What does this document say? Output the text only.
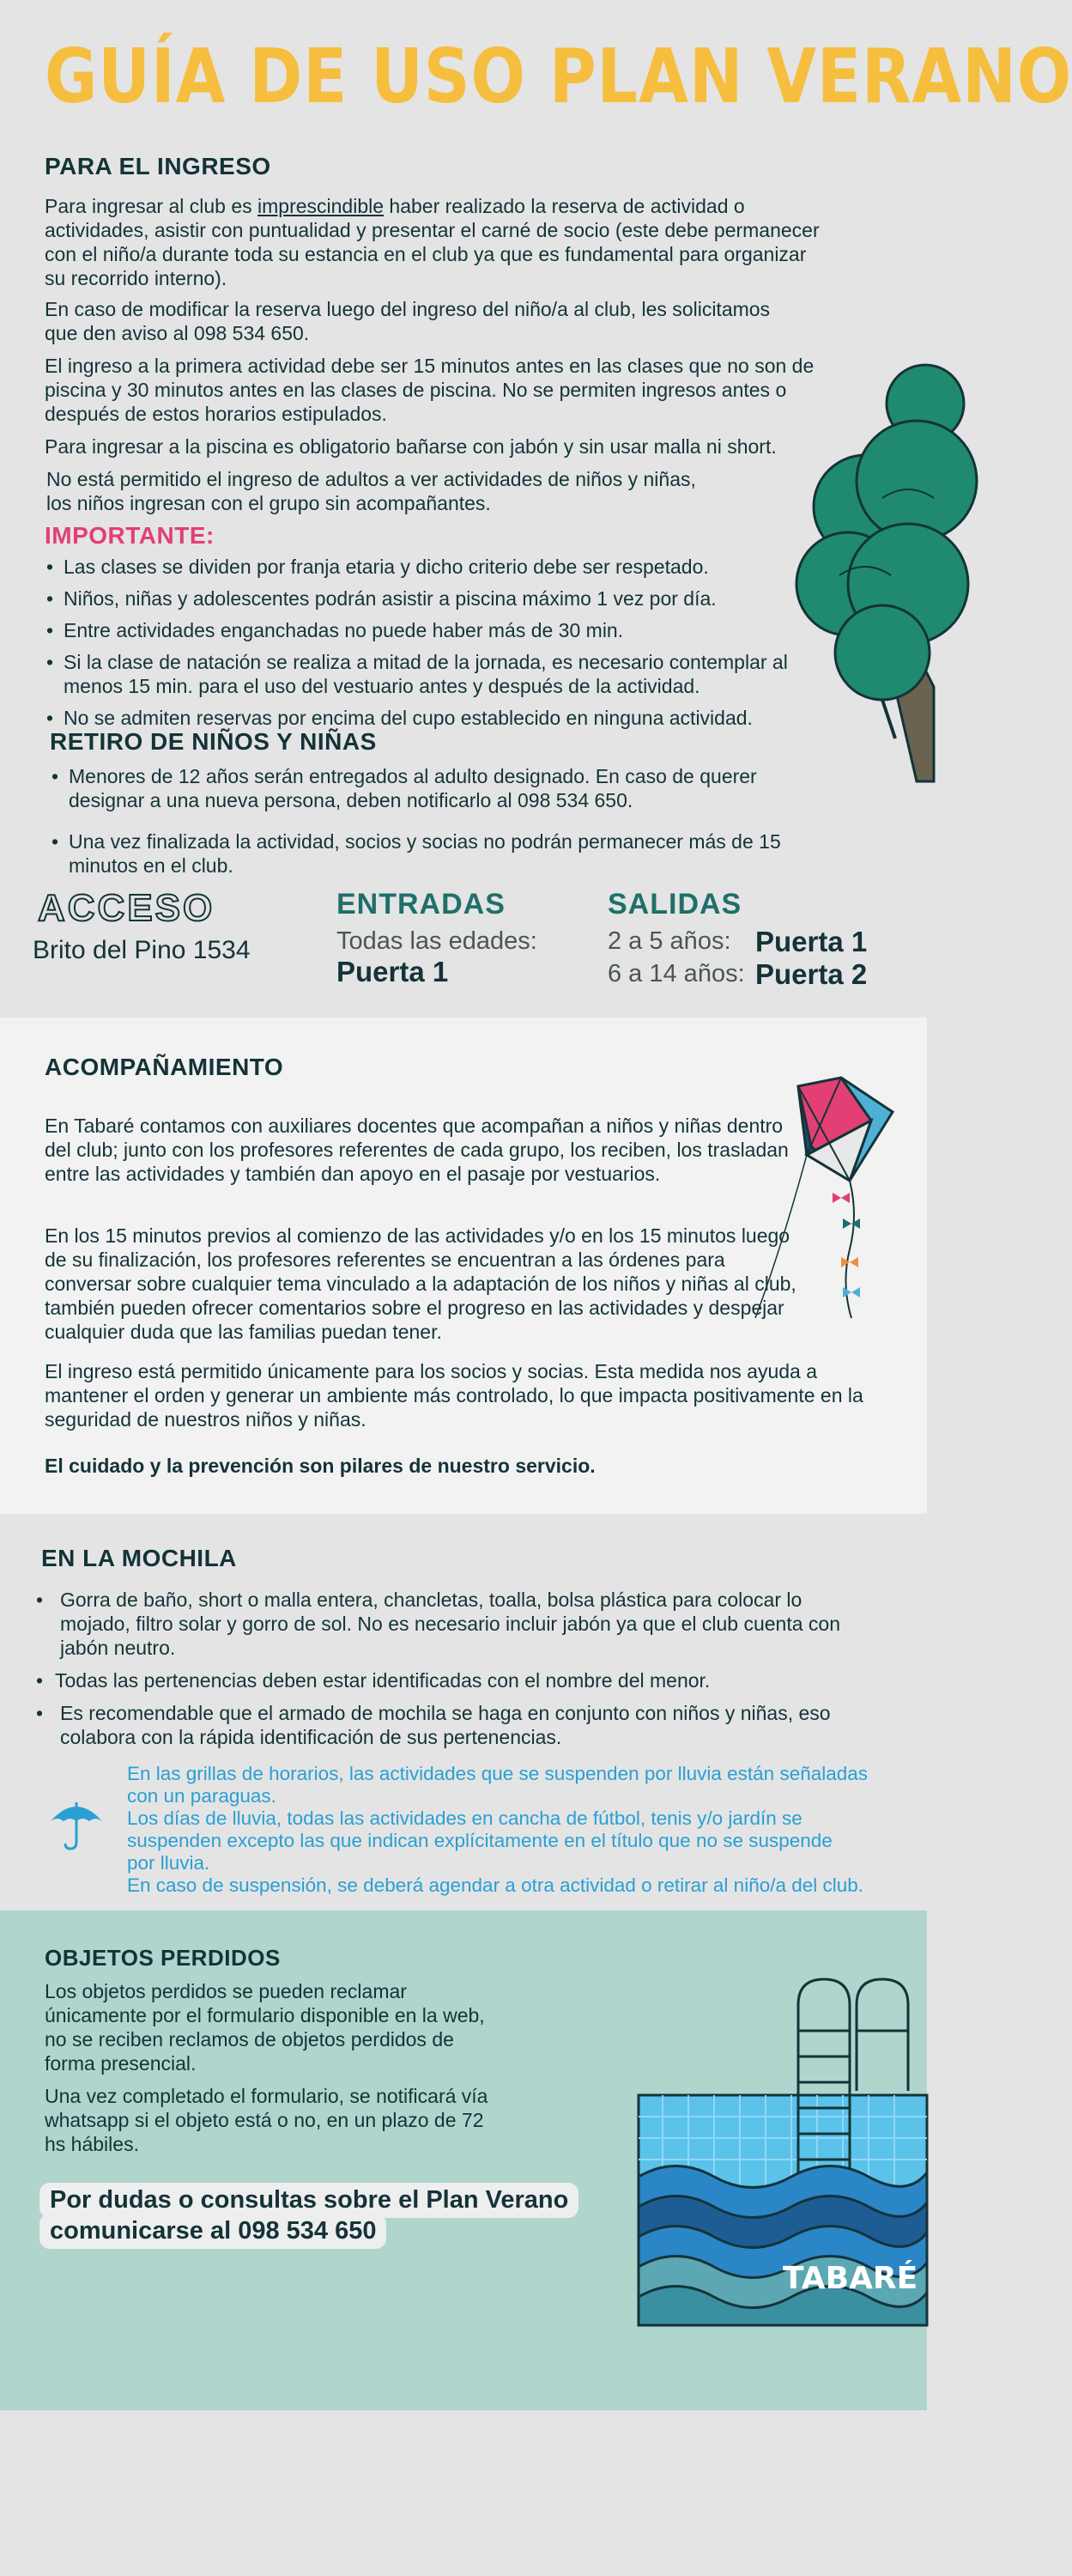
GUÍA DE USO PLAN VERANO
PARA EL INGRESO
Para ingresar al club es imprescindible haber realizado la reserva de actividad o
actividades, asistir con puntualidad y presentar el carné de socio (este debe permanecer
con el niño/a durante toda su estancia en el club ya que es fundamental para organizar
su recorrido interno).
En caso de modificar la reserva luego del ingreso del niño/a al club, les solicitamos
que den aviso al 098 534 650.
El ingreso a la primera actividad debe ser 15 minutos antes en las clases que no son de
piscina y 30 minutos antes en las clases de piscina. No se permiten ingresos antes o
después de estos horarios estipulados.
Para ingresar a la piscina es obligatorio bañarse con jabón y sin usar malla ni short.
No está permitido el ingreso de adultos a ver actividades de niños y niñas,
los niños ingresan con el grupo sin acompañantes.
IMPORTANTE:
• Las clases se dividen por franja etaria y dicho criterio debe ser respetado.
• Niños, niñas y adolescentes podrán asistir a piscina máximo 1 vez por día.
• Entre actividades enganchadas no puede haber más de 30 min.
• Si la clase de natación se realiza a mitad de la jornada, es necesario contemplar al menos 15 min. para el uso del vestuario antes y después de la actividad.
• No se admiten reservas por encima del cupo establecido en ninguna actividad.
RETIRO DE NIÑOS Y NIÑAS
• Menores de 12 años serán entregados al adulto designado. En caso de querer designar a una nueva persona, deben notificarlo al 098 534 650.
• Una vez finalizada la actividad, socios y socias no podrán permanecer más de 15 minutos en el club.
ACCESO
Brito del Pino 1534
ENTRADAS
Todas las edades:
Puerta 1
SALIDAS
2 a 5 años: Puerta 1
6 a 14 años: Puerta 2
ACOMPAÑAMIENTO
En Tabaré contamos con auxiliares docentes que acompañan a niños y niñas dentro del club; junto con los profesores referentes de cada grupo, los reciben, los trasladan entre las actividades y también dan apoyo en el pasaje por vestuarios.
En los 15 minutos previos al comienzo de las actividades y/o en los 15 minutos luego de su finalización, los profesores referentes se encuentran a las órdenes para conversar sobre cualquier tema vinculado a la adaptación de los niños y niñas al club, también pueden ofrecer comentarios sobre el progreso en las actividades y despejar cualquier duda que las familias puedan tener.
El ingreso está permitido únicamente para los socios y socias. Esta medida nos ayuda a mantener el orden y generar un ambiente más controlado, lo que impacta positivamente en la seguridad de nuestros niños y niñas.
El cuidado y la prevención son pilares de nuestro servicio.
EN LA MOCHILA
• Gorra de baño, short o malla entera, chancletas, toalla, bolsa plástica para colocar lo mojado, filtro solar y gorro de sol. No es necesario incluir jabón ya que el club cuenta con jabón neutro.
• Todas las pertenencias deben estar identificadas con el nombre del menor.
• Es recomendable que el armado de mochila se haga en conjunto con niños y niñas, eso colabora con la rápida identificación de sus pertenencias.
En las grillas de horarios, las actividades que se suspenden por lluvia están señaladas
con un paraguas.
Los días de lluvia, todas las actividades en cancha de fútbol, tenis y/o jardín se
suspenden excepto las que indican explícitamente en el título que no se suspende
por lluvia.
En caso de suspensión, se deberá agendar a otra actividad o retirar al niño/a del club.
OBJETOS PERDIDOS
Los objetos perdidos se pueden reclamar únicamente por el formulario disponible en la web, no se reciben reclamos de objetos perdidos de forma presencial.
Una vez completado el formulario, se notificará vía whatsapp si el objeto está o no, en un plazo de 72 hs hábiles.
Por dudas o consultas sobre el Plan Verano
comunicarse al 098 534 650
TABARÉ
